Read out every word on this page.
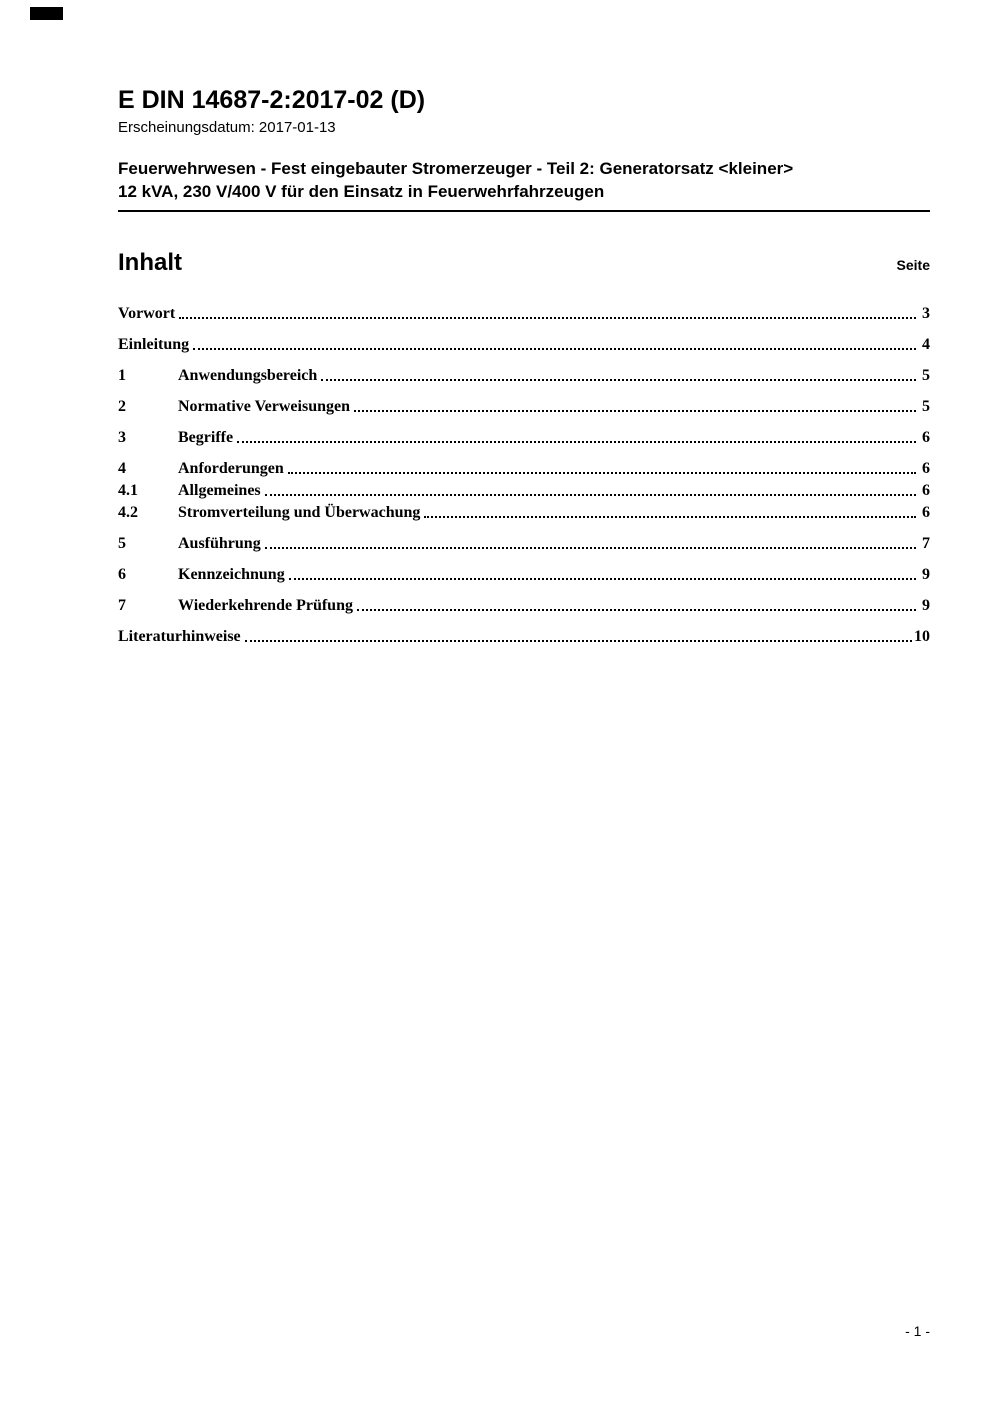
E DIN 14687-2:2017-02 (D)
Erscheinungsdatum: 2017-01-13
Feuerwehrwesen - Fest eingebauter Stromerzeuger - Teil 2: Generatorsatz <kleiner>
12 kVA, 230 V/400 V für den Einsatz in Feuerwehrfahrzeugen
Inhalt	Seite
Vorwort	3
Einleitung	4
1	Anwendungsbereich	5
2	Normative Verweisungen	5
3	Begriffe	6
4	Anforderungen	6
4.1	Allgemeines	6
4.2	Stromverteilung und Überwachung	6
5	Ausführung	7
6	Kennzeichnung	9
7	Wiederkehrende Prüfung	9
Literaturhinweise	10
- 1 -
